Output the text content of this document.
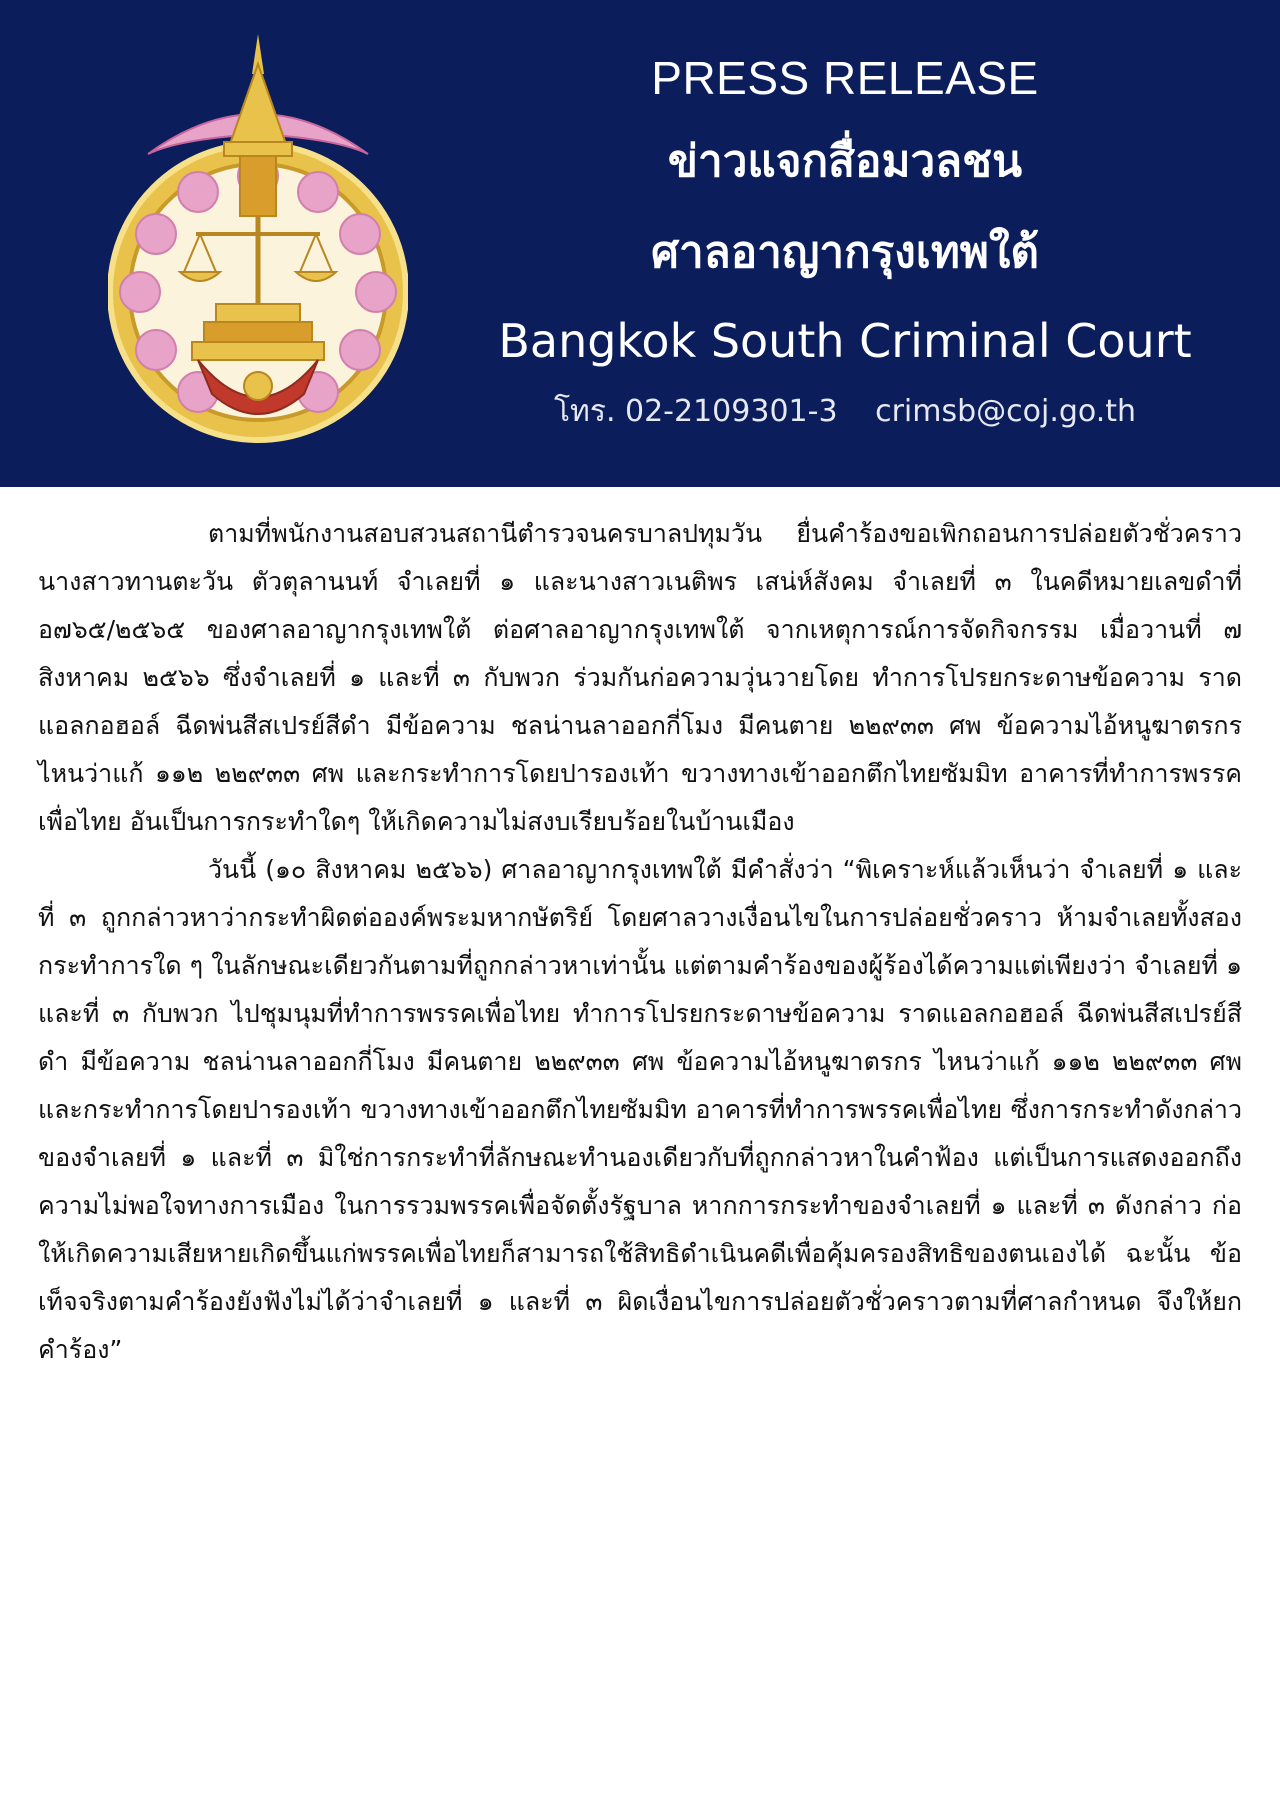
PRESS RELEASE
ข่าวแจกสื่อมวลชน
ศาลอาญากรุงเทพใต้
Bangkok South Criminal Court
โทร. 02-2109301-3 crimsb@coj.go.th

ตามที่พนักงานสอบสวนสถานีตำรวจนครบาลปทุมวัน ยื่นคำร้องขอเพิกถอนการปล่อยตัวชั่วคราว นางสาวทานตะวัน ตัวตุลานนท์ จำเลยที่ ๑ และนางสาวเนติพร เสน่ห์สังคม จำเลยที่ ๓ ในคดีหมายเลขดำที่ อ๗๖๕/๒๕๖๕ ของศาลอาญากรุงเทพใต้ ต่อศาลอาญากรุงเทพใต้ จากเหตุการณ์การจัดกิจกรรม เมื่อวานที่ ๗ สิงหาคม ๒๕๖๖ ซึ่งจำเลยที่ ๑ และที่ ๓ กับพวก ร่วมกันก่อความวุ่นวายโดย ทำการโปรยกระดาษข้อความ ราดแอลกอฮอล์ ฉีดพ่นสีสเปรย์สีดำ มีข้อความ ชลน่านลาออกกี่โมง มีคนตาย ๒๒๙๓๓ ศพ ข้อความไอ้หนูฆาตรกร ไหนว่าแก้ ๑๑๒ ๒๒๙๓๓ ศพ และกระทำการโดยปารองเท้า ขวางทางเข้าออกตึกไทยซัมมิท อาคารที่ทำการพรรคเพื่อไทย อันเป็นการกระทำใดๆ ให้เกิดความไม่สงบเรียบร้อยในบ้านเมือง

วันนี้ (๑๐ สิงหาคม ๒๕๖๖) ศาลอาญากรุงเทพใต้ มีคำสั่งว่า “พิเคราะห์แล้วเห็นว่า จำเลยที่ ๑ และที่ ๓ ถูกกล่าวหาว่ากระทำผิดต่อองค์พระมหากษัตริย์ โดยศาลวางเงื่อนไขในการปล่อยชั่วคราว ห้ามจำเลยทั้งสองกระทำการใด ๆ ในลักษณะเดียวกันตามที่ถูกกล่าวหาเท่านั้น แต่ตามคำร้องของผู้ร้องได้ความแต่เพียงว่า จำเลยที่ ๑ และที่ ๓ กับพวก ไปชุมนุมที่ทำการพรรคเพื่อไทย ทำการโปรยกระดาษข้อความ ราดแอลกอฮอล์ ฉีดพ่นสีสเปรย์สีดำ มีข้อความ ชลน่านลาออกกี่โมง มีคนตาย ๒๒๙๓๓ ศพ ข้อความไอ้หนูฆาตรกร ไหนว่าแก้ ๑๑๒ ๒๒๙๓๓ ศพ และกระทำการโดยปารองเท้า ขวางทางเข้าออกตึกไทยซัมมิท อาคารที่ทำการพรรคเพื่อไทย ซึ่งการกระทำดังกล่าวของจำเลยที่ ๑ และที่ ๓ มิใช่การกระทำที่ลักษณะทำนองเดียวกับที่ถูกกล่าวหาในคำฟ้อง แต่เป็นการแสดงออกถึงความไม่พอใจทางการเมือง ในการรวมพรรคเพื่อจัดตั้งรัฐบาล หากการกระทำของจำเลยที่ ๑ และที่ ๓ ดังกล่าว ก่อให้เกิดความเสียหายเกิดขึ้นแก่พรรคเพื่อไทยก็สามารถใช้สิทธิดำเนินคดีเพื่อคุ้มครองสิทธิของตนเองได้ ฉะนั้น ข้อเท็จจริงตามคำร้องยังฟังไม่ได้ว่าจำเลยที่ ๑ และที่ ๓ ผิดเงื่อนไขการปล่อยตัวชั่วคราวตามที่ศาลกำหนด จึงให้ยกคำร้อง”
